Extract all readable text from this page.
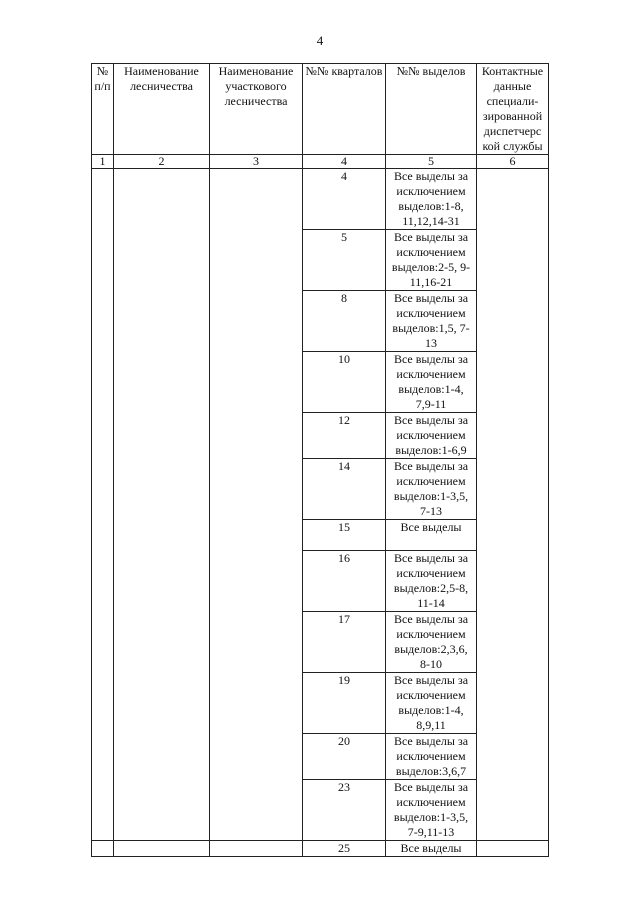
4
№ п/п	Наименование лесничества	Наименование участкового лесничества	№№ кварталов	№№ выделов	Контактные данные специали-зированной диспетчерс кой службы
1	2	3	4	5	6
			4	Все выделы за исключением выделов:1-8, 11,12,14-31	
			5	Все выделы за исключением выделов:2-5, 9-11,16-21	
			8	Все выделы за исключением выделов:1,5, 7-13	
			10	Все выделы за исключением выделов:1-4, 7,9-11	
			12	Все выделы за исключением выделов:1-6,9	
			14	Все выделы за исключением выделов:1-3,5, 7-13	
			15	Все выделы	
			16	Все выделы за исключением выделов:2,5-8, 11-14	
			17	Все выделы за исключением выделов:2,3,6, 8-10	
			19	Все выделы за исключением выделов:1-4, 8,9,11	
			20	Все выделы за исключением выделов:3,6,7	
			23	Все выделы за исключением выделов:1-3,5, 7-9,11-13	
			25	Все выделы	
